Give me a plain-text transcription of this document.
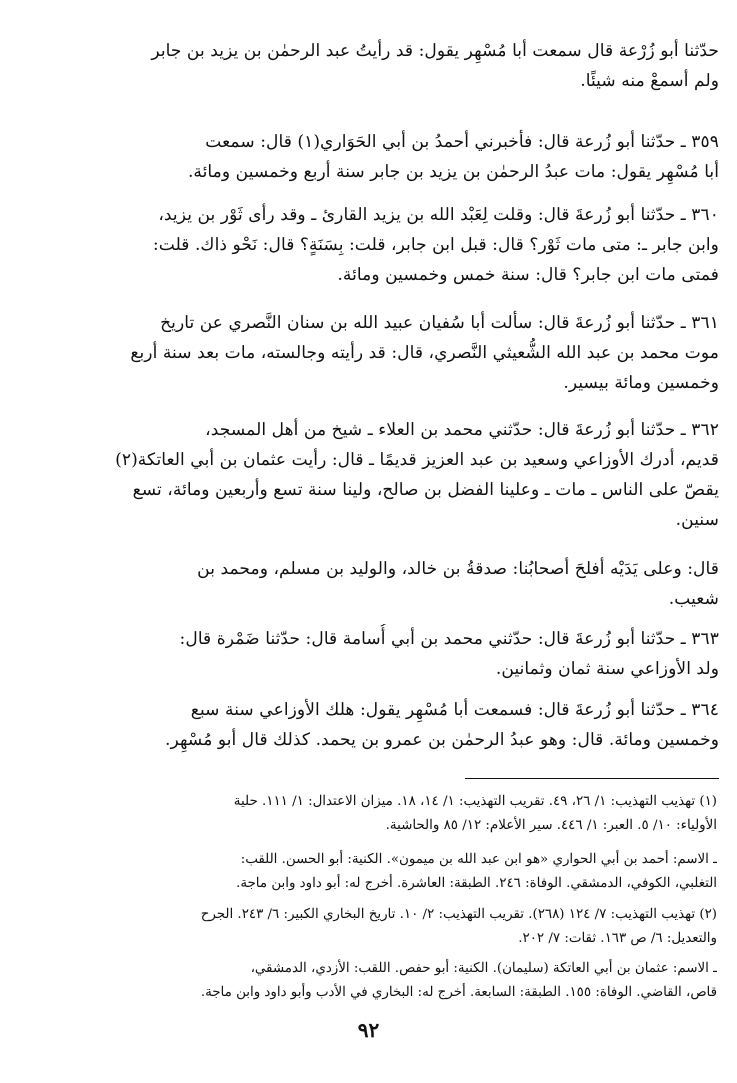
حدّثنا أبو زُرْعة قال سمعت أبا مُسْهِر يقول: قد رأيتُ عبد الرحمٰن بن يزيد بن جابر
ولم أسمعْ منه شيئًا.
٣٥٩ ـ حدّثنا أبو زُرعة قال: فأخبرني أحمدُ بن أبي الحَوَاري(١) قال: سمعت
أبا مُسْهِر يقول: مات عبدُ الرحمٰن بن يزيد بن جابر سنة أربع وخمسين ومائة.
٣٦٠ ـ حدّثنا أبو زُرعةَ قال: وقلت لِعَبْد الله بن يزيد القارئ ـ وقد رأى ثَوْر بن يزيد،
وابن جابر ـ: متى مات ثَوْر؟ قال: قبل ابن جابر، قلت: بِسَنَةٍ؟ قال: نَحْو ذاك. قلت:
فمتى مات ابن جابر؟ قال: سنة خمس وخمسين ومائة.
٣٦١ ـ حدّثنا أبو زُرعةَ قال: سألت أبا سُفيان عبيد الله بن سنان النَّصري عن تاريخ
موت محمد بن عبد الله الشُّعيثي النَّصري، قال: قد رأيته وجالسته، مات بعد سنة أربع
وخمسين ومائة بيسير.
٣٦٢ ـ حدّثنا أبو زُرعةَ قال: حدّثني محمد بن العلاء ـ شيخ من أهل المسجد،
قديم، أدرك الأوزاعي وسعيد بن عبد العزيز قديمًا ـ قال: رأيت عثمان بن أبي العاتكة(٢)
يقصّ على الناس ـ مات ـ وعلينا الفضل بن صالح، ولينا سنة تسع وأربعين ومائة، تسع
سنين.
قال: وعلى يَدَيْه أفلحَ أصحابُنا: صدقةُ بن خالد، والوليد بن مسلم، ومحمد بن
شعيب.
٣٦٣ ـ حدّثنا أبو زُرعةَ قال: حدّثني محمد بن أبي أُسامة قال: حدّثنا ضَمْرة قال:
ولد الأوزاعي سنة ثمان وثمانين.
٣٦٤ ـ حدّثنا أبو زُرعةَ قال: فسمعت أبا مُسْهِر يقول: هلك الأوزاعي سنة سبع
وخمسين ومائة. قال: وهو عبدُ الرحمٰن بن عمرو بن يحمد. كذلك قال أبو مُسْهِر.
(١) تهذيب التهذيب: ١/ ٢٦، ٤٩. تقريب التهذيب: ١/ ١٤، ١٨. ميزان الاعتدال: ١/ ١١١. حلية
الأولياء: ١٠/ ٥. العبر: ١/ ٤٤٦. سير الأعلام: ١٢/ ٨٥ والحاشية.
ـ الاسم: أحمد بن أبي الحواري «هو ابن عبد الله بن ميمون». الكنية: أبو الحسن. اللقب:
التغلبي، الكوفي، الدمشقي. الوفاة: ٢٤٦. الطبقة: العاشرة. أخرج له: أبو داود وابن ماجة.
(٢) تهذيب التهذيب: ٧/ ١٢٤ (٢٦٨). تقريب التهذيب: ٢/ ١٠. تاريخ البخاري الكبير: ٦/ ٢٤٣. الجرح
والتعديل: ٦/ ص ١٦٣. ثقات: ٧/ ٢٠٢.
ـ الاسم: عثمان بن أبي العاتكة (سليمان). الكنية: أبو حفص. اللقب: الأزدي، الدمشقي،
قاص، القاضي. الوفاة: ١٥٥. الطبقة: السابعة. أخرج له: البخاري في الأدب وأبو داود وابن ماجة.
٩٢
